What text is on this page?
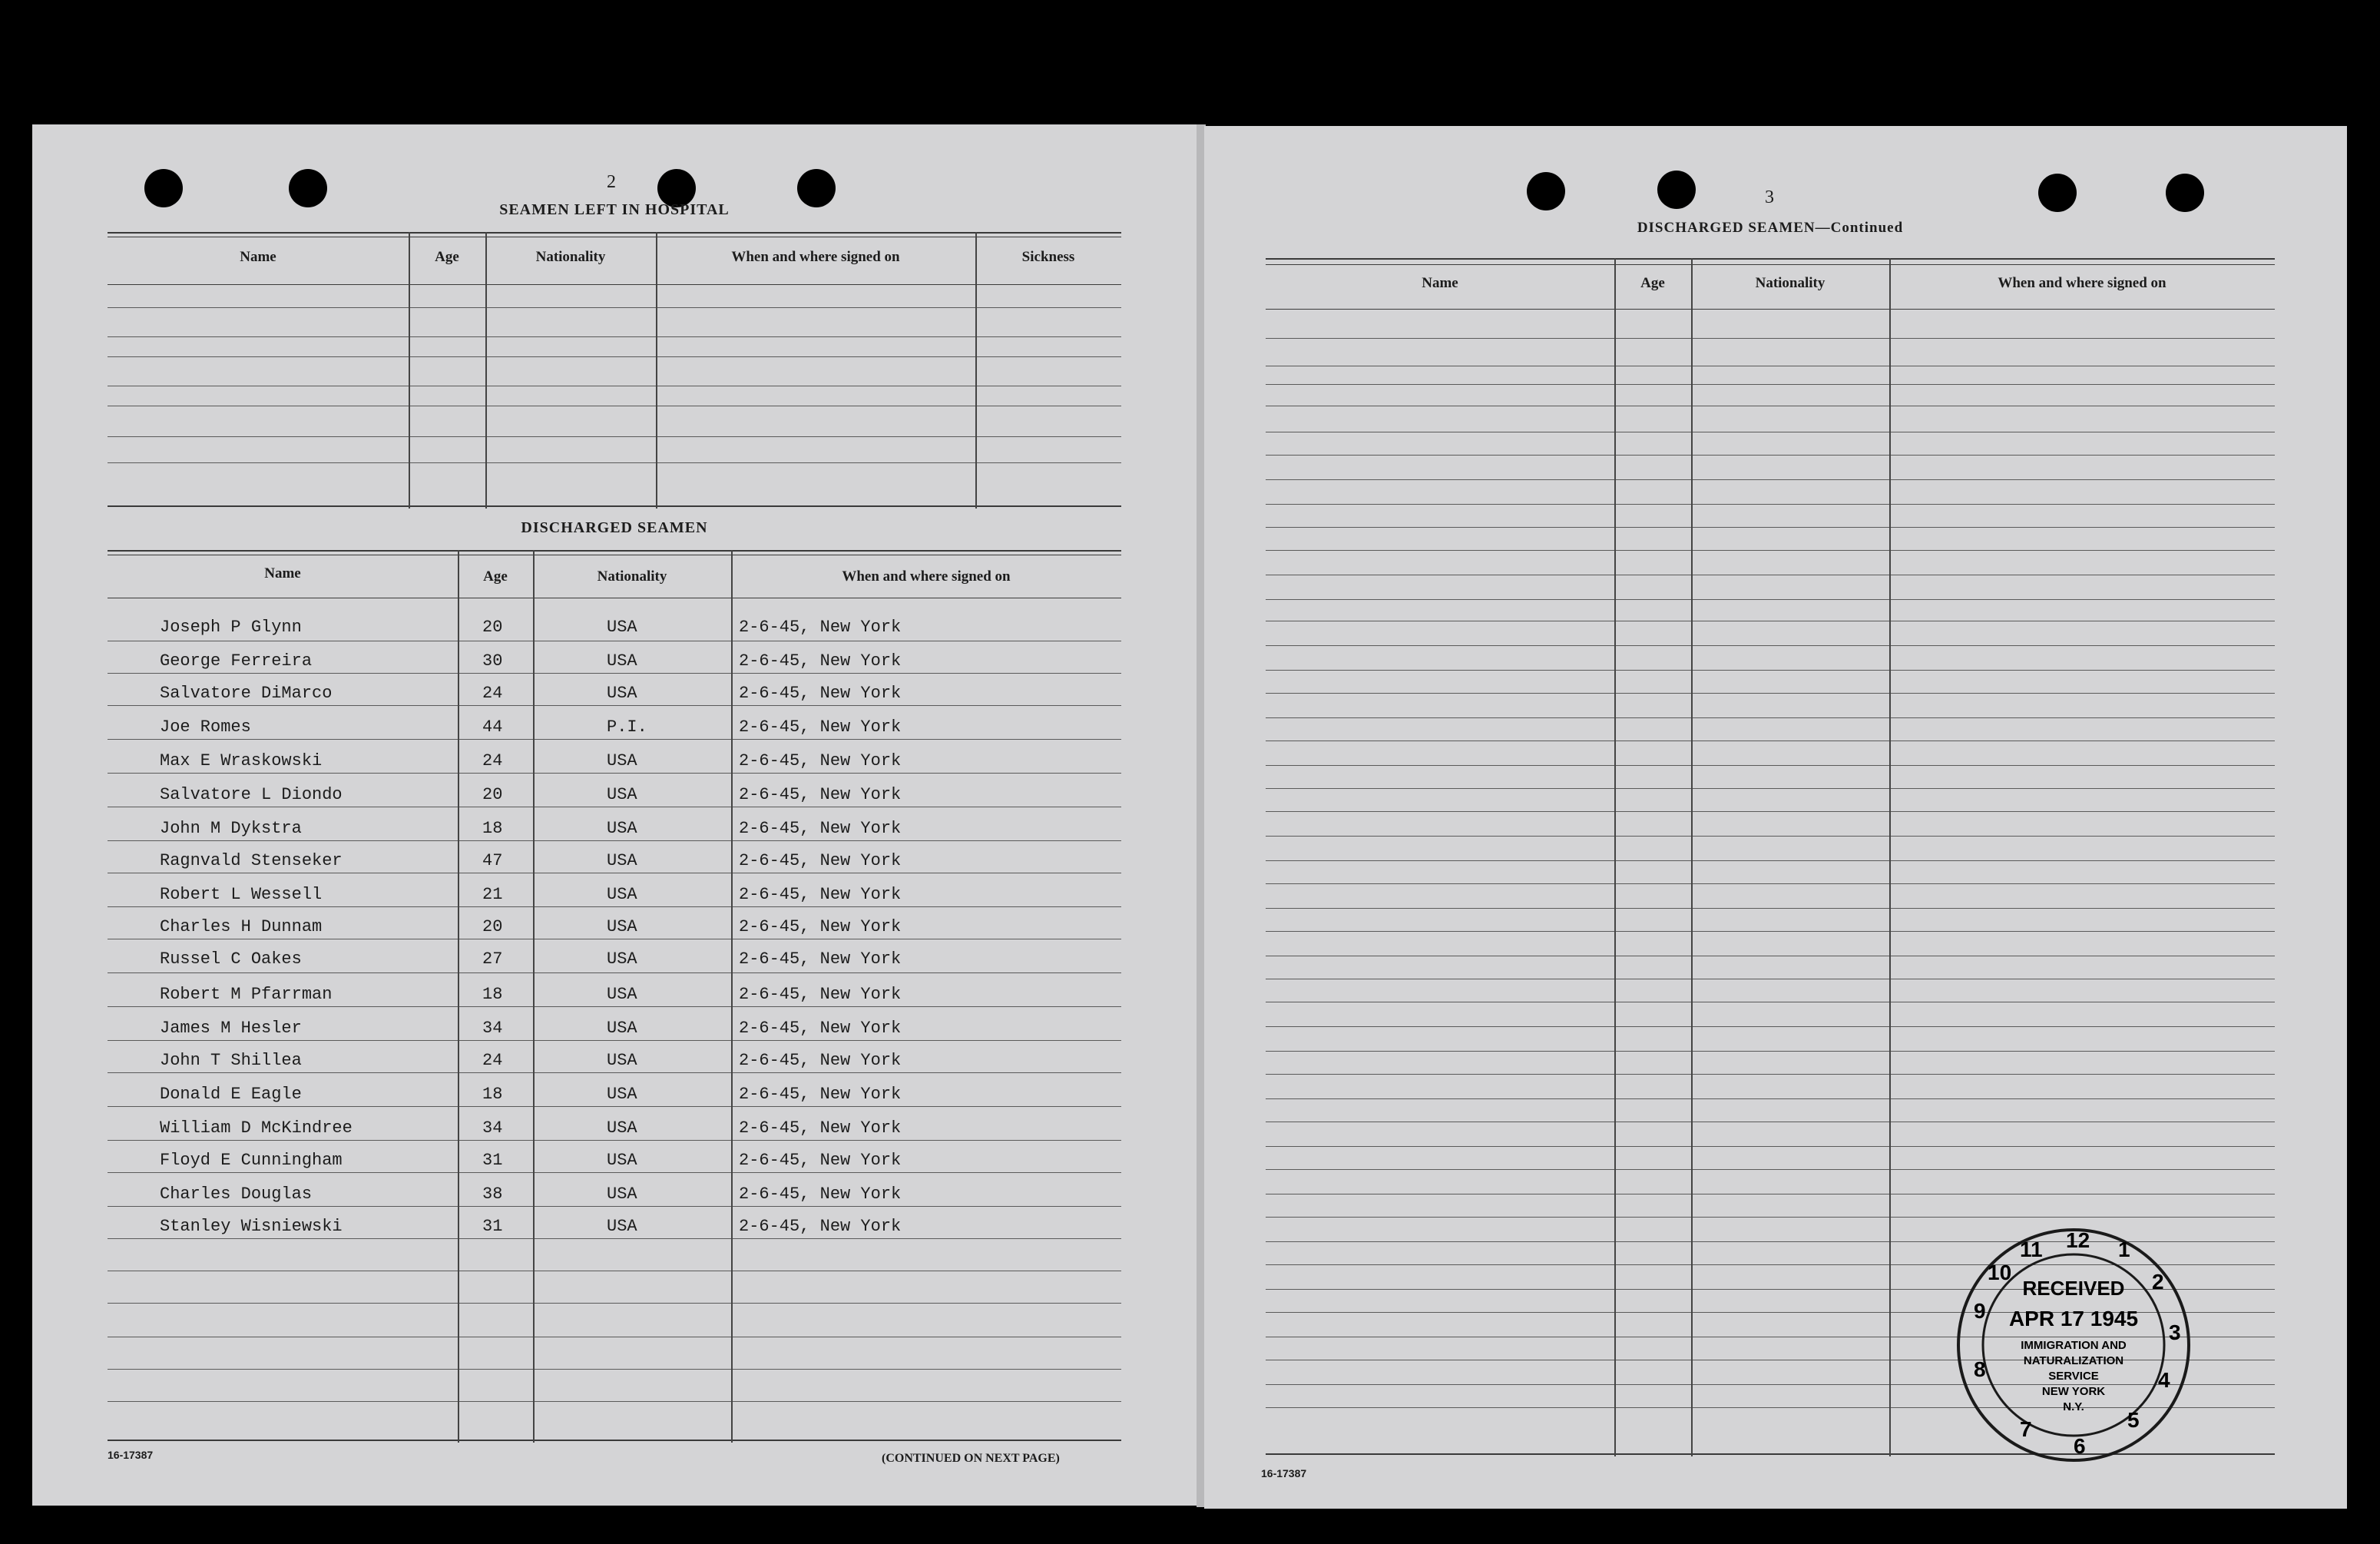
2
SEAMEN LEFT IN HOSPITAL
Name	Age	Nationality	When and where signed on	Sickness
DISCHARGED SEAMEN
Name	Age	Nationality	When and where signed on
Joseph P Glynn	20	USA	2-6-45, New York
George Ferreira	30	USA	2-6-45, New York
Salvatore DiMarco	24	USA	2-6-45, New York
Joe Romes	44	P.I.	2-6-45, New York
Max E Wraskowski	24	USA	2-6-45, New York
Salvatore L Diondo	20	USA	2-6-45, New York
John M Dykstra	18	USA	2-6-45, New York
Ragnvald Stenseker	47	USA	2-6-45, New York
Robert L Wessell	21	USA	2-6-45, New York
Charles H Dunnam	20	USA	2-6-45, New York
Russel C Oakes	27	USA	2-6-45, New York
Robert M Pfarrman	18	USA	2-6-45, New York
James M Hesler	34	USA	2-6-45, New York
John T Shillea	24	USA	2-6-45, New York
Donald E Eagle	18	USA	2-6-45, New York
William D McKindree	34	USA	2-6-45, New York
Floyd E Cunningham	31	USA	2-6-45, New York
Charles Douglas	38	USA	2-6-45, New York
Stanley Wisniewski	31	USA	2-6-45, New York
16-17387	(CONTINUED ON NEXT PAGE)
3
DISCHARGED SEAMEN—Continued
Name	Age	Nationality	When and where signed on
16-17387
9
10
11 12 1
2
3
4
5
6
7
8
RECEIVED
APR 17 1945
IMMIGRATION AND
NATURALIZATION
SERVICE
NEW YORK
N.Y.
